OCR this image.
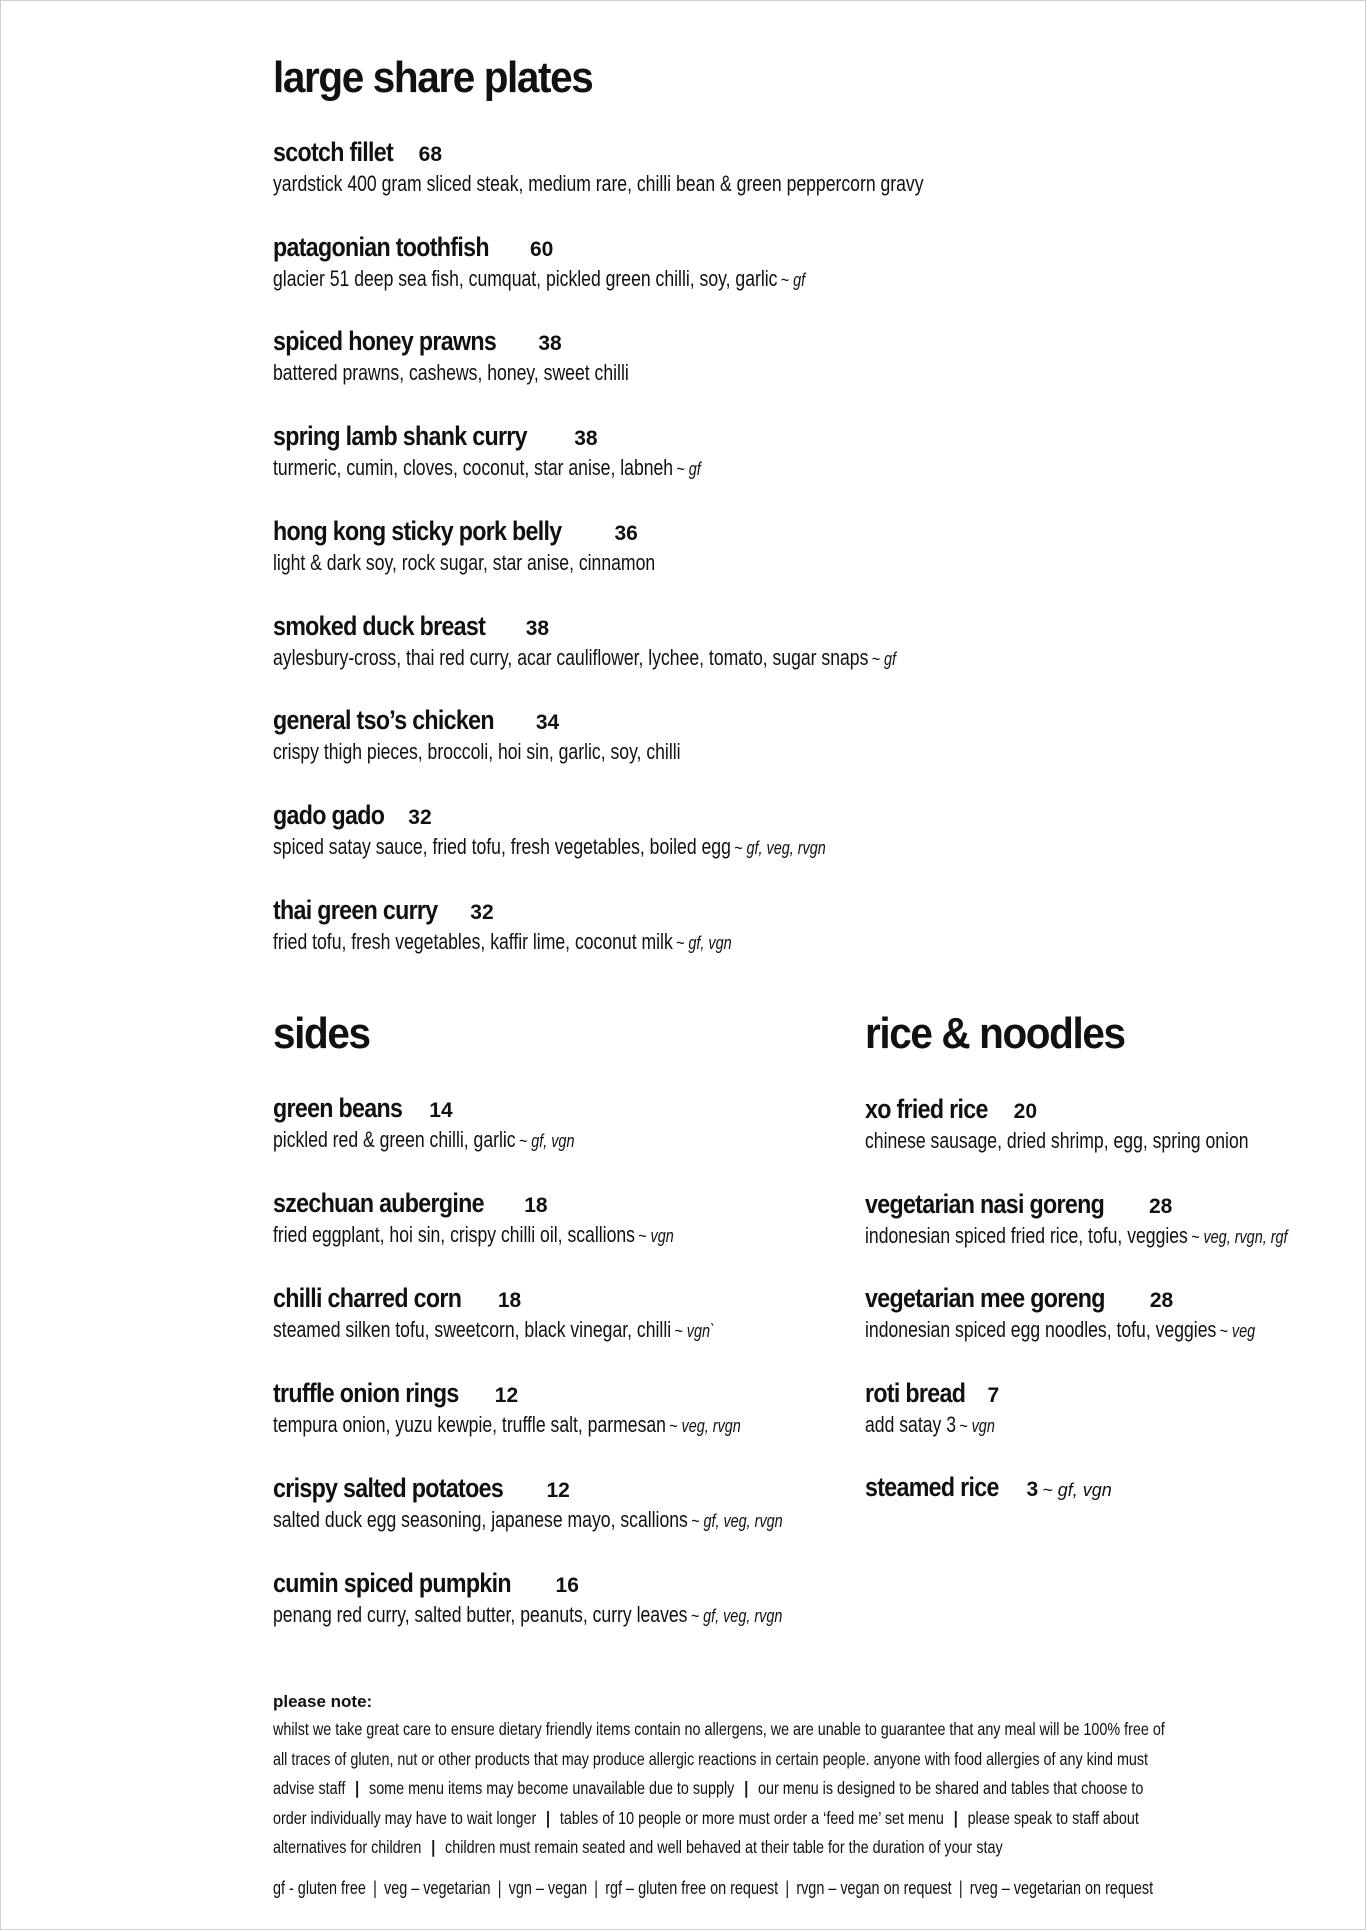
large share plates
scotch fillet 68
yardstick 400 gram sliced steak, medium rare, chilli bean & green peppercorn gravy
patagonian toothfish 60
glacier 51 deep sea fish, cumquat, pickled green chilli, soy, garlic ~ gf
spiced honey prawns 38
battered prawns, cashews, honey, sweet chilli
spring lamb shank curry 38
turmeric, cumin, cloves, coconut, star anise, labneh ~ gf
hong kong sticky pork belly	36
light & dark soy, rock sugar, star anise, cinnamon
smoked duck breast 38
aylesbury-cross, thai red curry, acar cauliflower, lychee, tomato, sugar snaps ~ gf
general tso’s chicken 34
crispy thigh pieces, broccoli, hoi sin, garlic, soy, chilli
gado gado 32
spiced satay sauce, fried tofu, fresh vegetables, boiled egg ~ gf, veg, rvgn
thai green curry 32
fried tofu, fresh vegetables, kaffir lime, coconut milk ~ gf, vgn
sides
green beans 14
pickled red & green chilli, garlic ~ gf, vgn
szechuan aubergine 18
fried eggplant, hoi sin, crispy chilli oil, scallions ~ vgn
chilli charred corn 18
steamed silken tofu, sweetcorn, black vinegar, chilli ~ vgn`
truffle onion rings 12
tempura onion, yuzu kewpie, truffle salt, parmesan ~ veg, rvgn
crispy salted potatoes 12
salted duck egg seasoning, japanese mayo, scallions ~ gf, veg, rvgn
cumin spiced pumpkin 16
penang red curry, salted butter, peanuts, curry leaves ~ gf, veg, rvgn
rice & noodles
xo fried rice 20
chinese sausage, dried shrimp, egg, spring onion
vegetarian nasi goreng 28
indonesian spiced fried rice, tofu, veggies ~ veg, rvgn, rgf
vegetarian mee goreng 28
indonesian spiced egg noodles, tofu, veggies ~ veg
roti bread 7
add satay 3 ~ vgn
steamed rice 3 ~ gf, vgn
please note:
whilst we take great care to ensure dietary friendly items contain no allergens, we are unable to guarantee that any meal will be 100% free of
all traces of gluten, nut or other products that may produce allergic reactions in certain people. anyone with food allergies of any kind must
advise staff | some menu items may become unavailable due to supply | our menu is designed to be shared and tables that choose to
order individually may have to wait longer | tables of 10 people or more must order a ‘feed me’ set menu | please speak to staff about
alternatives for children | children must remain seated and well behaved at their table for the duration of your stay
gf - gluten free | veg – vegetarian | vgn – vegan | rgf – gluten free on request | rvgn – vegan on request | rveg – vegetarian on request
